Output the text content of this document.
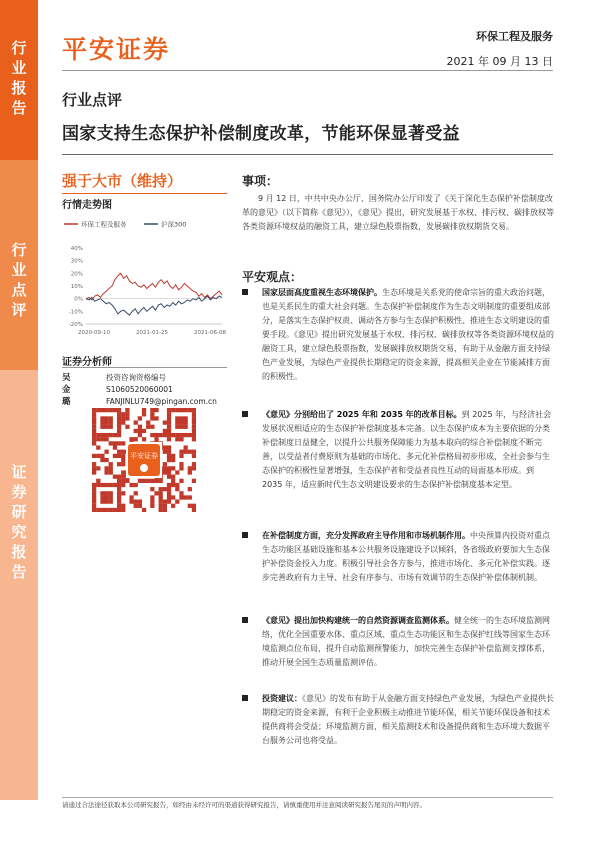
行
业
报
告
行
业
点
评
证
券
研
究
报
告
平安证券	环保工程及服务
2021 年 09 月 13 日
行业点评
国家支持生态保护补偿制度改革，节能环保显著受益
强于大市（维持）
行情走势图
环保工程及服务	沪深300
40%
30%
20%
10%
0%
-10%
-20%
2020-09-10	2021-01-25	2021-06-08
证券分析师
吴金璐
投资咨询资格编号
S1060520060001
FANJINLU749@pingan.com.cn
平安证券

事项：

9 月 12 日，中共中央办公厅、国务院办公厅印发了《关于深化生态保护补偿制度改革的意见》（以下简称《意见》），《意见》提出，研究发展基于水权、排污权、碳排放权等各类资源环境权益的融资工具，建立绿色股票指数，发展碳排放权期货交易。

平安观点：
国家层面高度重视生态环境保护。生态环境是关系党的使命宗旨的重大政治问题，也是关系民生的重大社会问题。生态保护补偿制度作为生态文明制度的重要组成部分，是落实生态保护权责、调动各方参与生态保护积极性、推进生态文明建设的重要手段。《意见》提出研究发展基于水权、排污权、碳排放权等各类资源环境权益的融资工具，建立绿色股票指数，发展碳排放权期货交易，有助于从金融方面支持绿色产业发展，为绿色产业提供长期稳定的资金来源，提高相关企业在节能减排方面的积极性。
《意见》分别给出了 2025 年和 2035 年的改革目标。到 2025 年，与经济社会发展状况相适应的生态保护补偿制度基本完备。以生态保护成本为主要依据的分类补偿制度日益健全，以提升公共服务保障能力为基本取向的综合补偿制度不断完善，以受益者付费原则为基础的市场化、多元化补偿格局初步形成，全社会参与生态保护的积极性显著增强，生态保护者和受益者良性互动的局面基本形成。到 2035 年，适应新时代生态文明建设要求的生态保护补偿制度基本定型。
在补偿制度方面，充分发挥政府主导作用和市场机制作用。中央预算内投资对重点生态功能区基础设施和基本公共服务设施建设予以倾斜，各省级政府要加大生态保护补偿资金投入力度。积极引导社会各方参与，推进市场化、多元化补偿实践。逐步完善政府有力主导、社会有序参与、市场有效调节的生态保护补偿体制机制。
《意见》提出加快构建统一的自然资源调查监测体系。健全统一的生态环境监测网络，优化全国重要水体、重点区域、重点生态功能区和生态保护红线等国家生态环境监测点位布局，提升自动监测预警能力，加快完善生态保护补偿监测支撑体系，推动开展全国生态质量监测评估。
投资建议：《意见》的发布有助于从金融方面支持绿色产业发展，为绿色产业提供长期稳定的资金来源，有利于企业积极主动推进节能环保，相关节能环保设备和技术提供商将会受益；环境监测方面，相关监测技术和设备提供商和生态环境大数据平台服务公司也将受益。
请通过合法途径获取本公司研究报告，如经由未经许可的渠道获得研究报告，请慎重使用并注意阅读研究报告尾页的声明内容。
